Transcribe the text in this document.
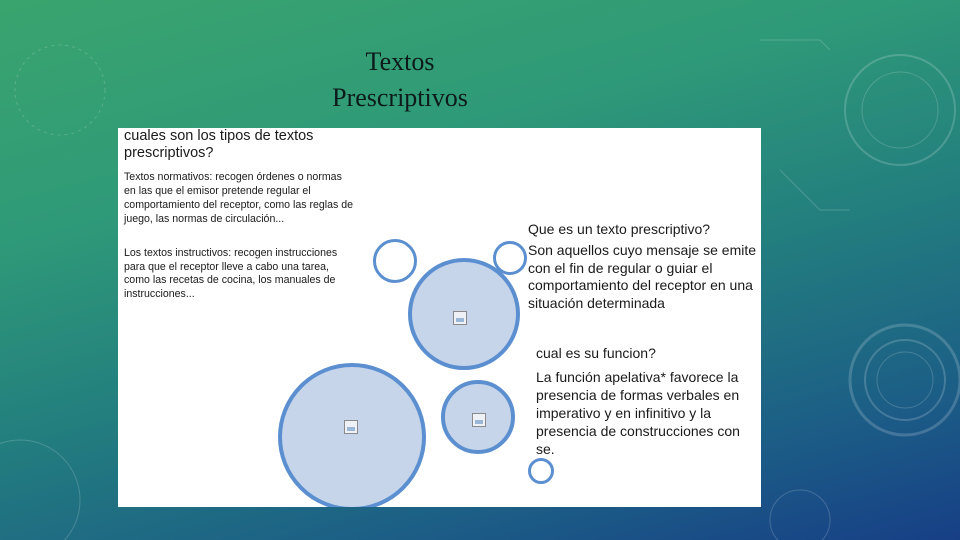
Textos
Prescriptivos
cuales son los tipos de textos prescriptivos?
Textos normativos: recogen órdenes o normas en las que el emisor pretende regular el comportamiento del receptor, como las reglas de juego, las normas de circulación...
Los textos instructivos: recogen instrucciones para que el receptor lleve a cabo una tarea, como las recetas de cocina, los manuales de instrucciones...
Que es un texto prescriptivo?
Son aquellos cuyo mensaje se emite con el fin de regular o guiar el comportamiento del receptor en una situación determinada
cual es su funcion?
La función apelativa* favorece la presencia de formas verbales en imperativo y en infinitivo y la presencia de construcciones con se.
